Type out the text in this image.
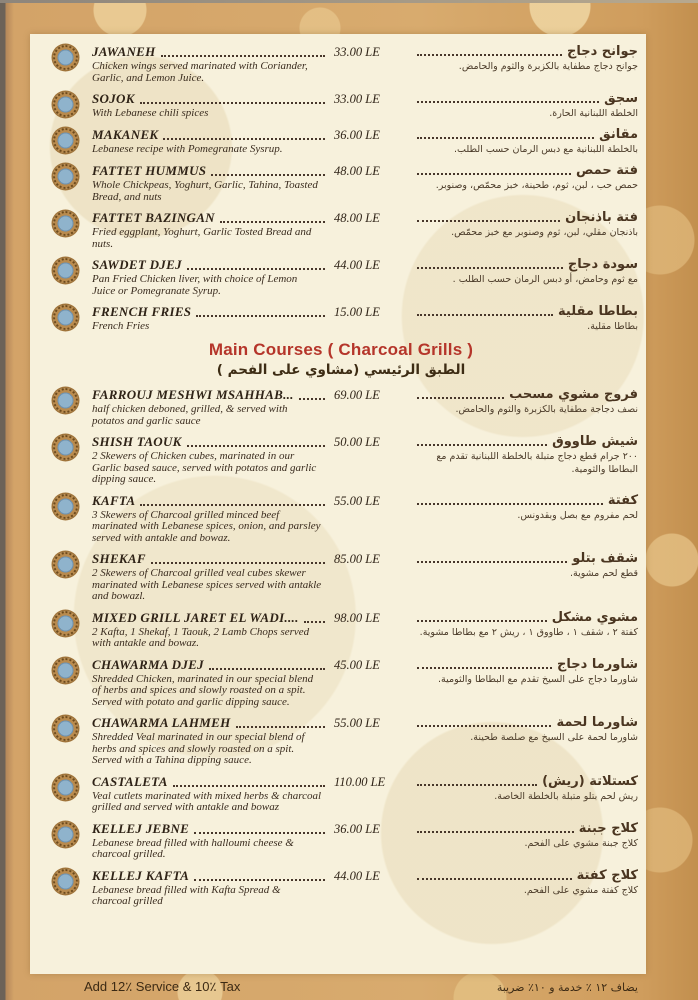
JAWANEH
Chicken wings served marinated with Coriander, Garlic, and Lemon Juice.
33.00 LE	جوانح دجاج
جوانح دجاج مطفاية بالكزبرة والثوم والحامض.
SOJOK
With Lebanese chili spices
33.00 LE	سجق
الخلطة اللبنانية الحارة.
MAKANEK
Lebanese recipe with Pomegranate Sysrup.
36.00 LE	مقانق
بالخلطة اللبنانية مع دبس الرمان حسب الطلب.
FATTET HUMMUS
Whole Chickpeas, Yoghurt, Garlic, Tahina, Toasted Bread, and nuts
48.00 LE	فتة حمص
حمص حب ، لبن، ثوم، طحينة، خبز محمّص، وصنوبر.
FATTET BAZINGAN
Fried eggplant, Yoghurt, Garlic Tosted Bread and nuts.
48.00 LE	فتة باذنجان
باذنجان مقلي، لبن، ثوم وصنوبر مع خبز محمّص.
SAWDET DJEJ
Pan Fried Chicken liver, with choice of Lemon Juice or Pomegranate Syrup.
44.00 LE	سودة دجاج
مع ثوم وحامض، أو دبس الرمان حسب الطلب .
FRENCH FRIES
French Fries
15.00 LE	بطاطا مقلية
بطاطا مقلية.
Main Courses ( Charcoal Grills )
الطبق الرئيسي (مشاوي على الفحم )
FARROUJ MESHWI MSAHHAB...
half chicken deboned, grilled, & served with potatos and garlic sauce
69.00 LE	فروج مشوي مسحب
نصف دجاجة مطفاية بالكزبرة والثوم والحامض.
SHISH TAOUK
2 Skewers of Chicken cubes, marinated in our Garlic based sauce, served with potatos and garlic dipping sauce.
50.00 LE	شيش طاووق
٢٠٠ جرام قطع دجاج متبلة بالخلطة اللبنانية تقدم مع البطاطا والثومية.
KAFTA
3 Skewers of Charcoal grilled minced beef marinated with Lebanese spices, onion, and parsley served with antakle and bowaz.
55.00 LE	كفتة
لحم مفروم مع بصل وبقدونس.
SHEKAF
2 Skewers of Charcoal grilled veal cubes skewer marinated with Lebanese spices served with antakle and bowazl.
85.00 LE	شقف بتلو
قطع لحم مشوية.
MIXED GRILL JARET EL WADI....
2 Kafta, 1 Shekaf, 1 Taouk, 2 Lamb Chops served with antakle and bowaz.
98.00 LE	مشوي مشكل
كفتة ٢ ، شقف ١ ، طاووق ١ ، ريش ٢ مع بطاطا مشوية.
CHAWARMA DJEJ
Shredded Chicken, marinated in our special blend of herbs and spices and slowly roasted on a spit. Served with potato and garlic dipping sauce.
45.00 LE	شاورما دجاج
شاورما دجاج على السيخ تقدم مع البطاطا والثومية.
CHAWARMA LAHMEH
Shredded Veal marinated in our special blend of herbs and spices and slowly roasted on a spit. Served with a Tahina dipping sauce.
55.00 LE	شاورما لحمة
شاورما لحمة على السيخ مع صلصة طحينة.
CASTALETA
Veal cutlets marinated with mixed herbs & charcoal grilled and served with antakle and bowaz
110.00 LE	كستلاتة (ريش)
ريش لحم بتلو متبلة بالخلطة الخاصة.
KELLEJ JEBNE
Lebanese bread filled with halloumi cheese & charcoal grilled.
36.00 LE	كلاج جبنة
كلاج جبنة مشوي على الفحم.
KELLEJ KAFTA
Lebanese bread filled with Kafta Spread & charcoal grilled
44.00 LE	كلاج كفتة
كلاج كفتة مشوي على الفحم.
Add 12٪ Service & 10٪ Tax	يضاف ١٢ ٪ خدمة و ١٠٪ ضريبة
